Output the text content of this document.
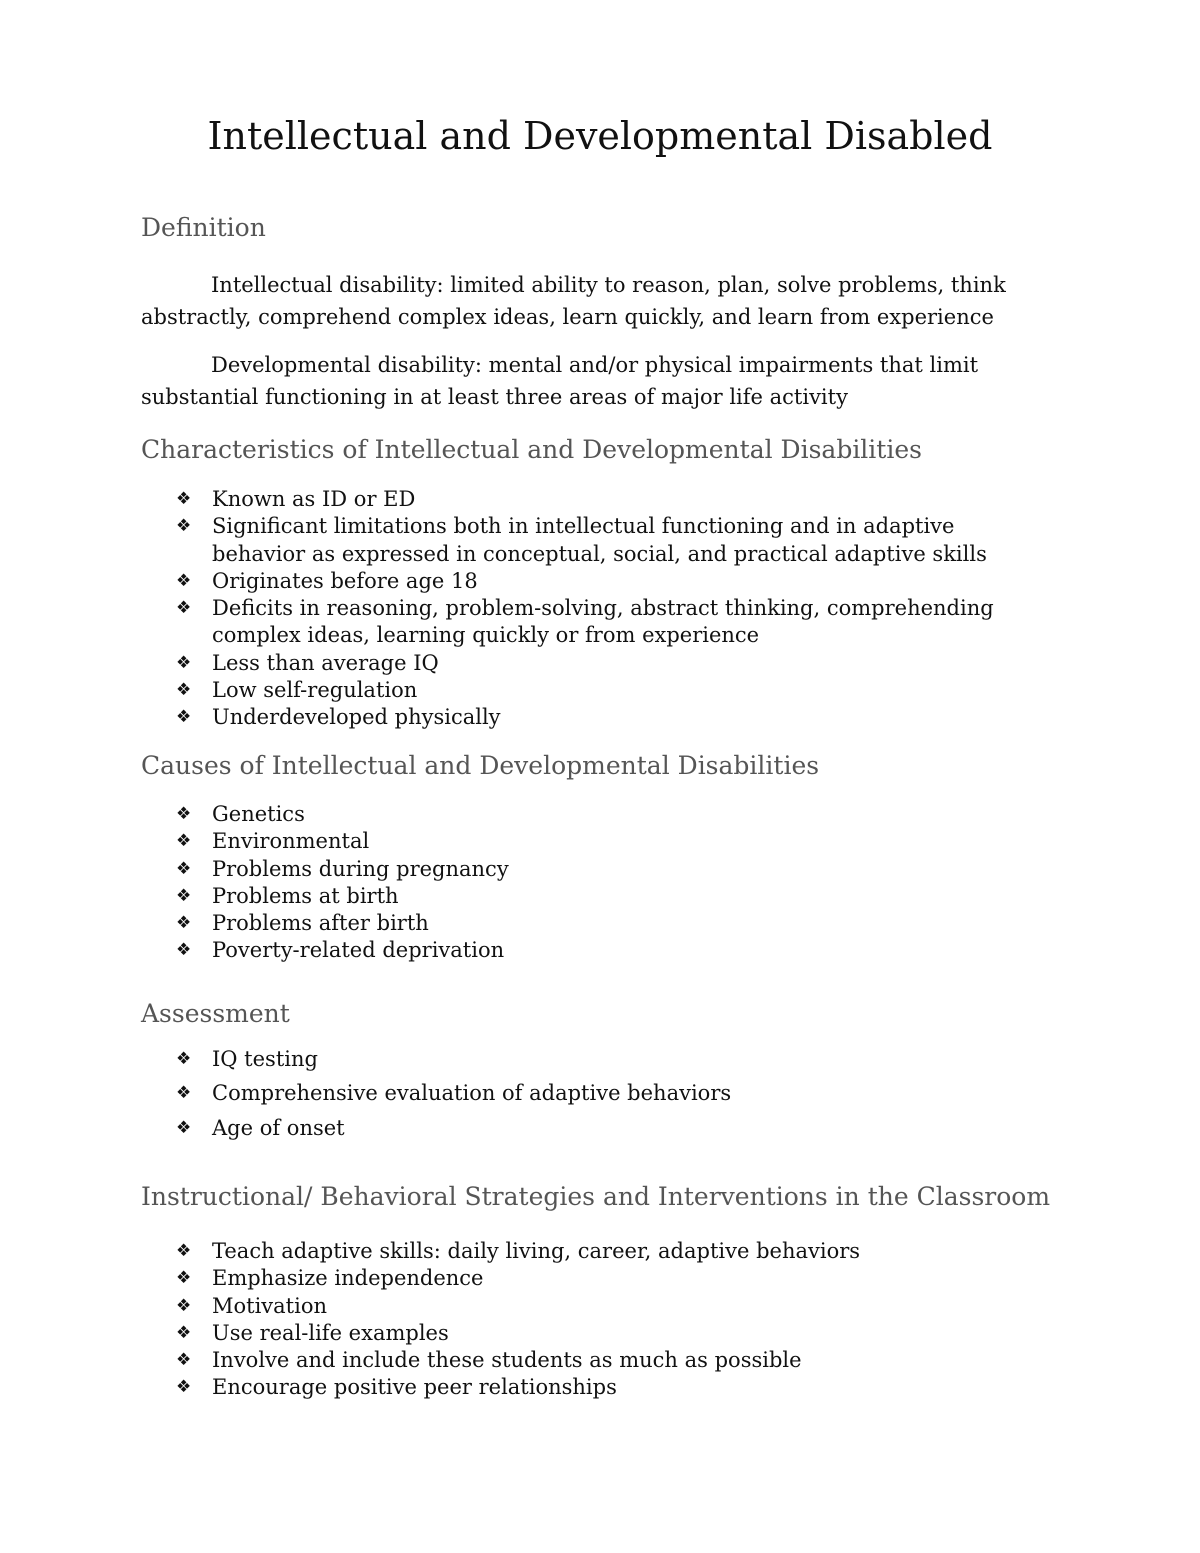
Intellectual and Developmental Disabled
Definition

Intellectual disability: limited ability to reason, plan, solve problems, think abstractly, comprehend complex ideas, learn quickly, and learn from experience

Developmental disability: mental and/or physical impairments that limit substantial functioning in at least three areas of major life activity

Characteristics of Intellectual and Developmental Disabilities
❖ Known as ID or ED
❖ Significant limitations both in intellectual functioning and in adaptive behavior as expressed in conceptual, social, and practical adaptive skills
❖ Originates before age 18
❖ Deficits in reasoning, problem-solving, abstract thinking, comprehending complex ideas, learning quickly or from experience
❖ Less than average IQ
❖ Low self-regulation
❖ Underdeveloped physically
Causes of Intellectual and Developmental Disabilities
❖ Genetics
❖ Environmental
❖ Problems during pregnancy
❖ Problems at birth
❖ Problems after birth
❖ Poverty-related deprivation
Assessment
❖ IQ testing
❖ Comprehensive evaluation of adaptive behaviors
❖ Age of onset
Instructional/ Behavioral Strategies and Interventions in the Classroom
❖ Teach adaptive skills: daily living, career, adaptive behaviors
❖ Emphasize independence
❖ Motivation
❖ Use real-life examples
❖ Involve and include these students as much as possible
❖ Encourage positive peer relationships
